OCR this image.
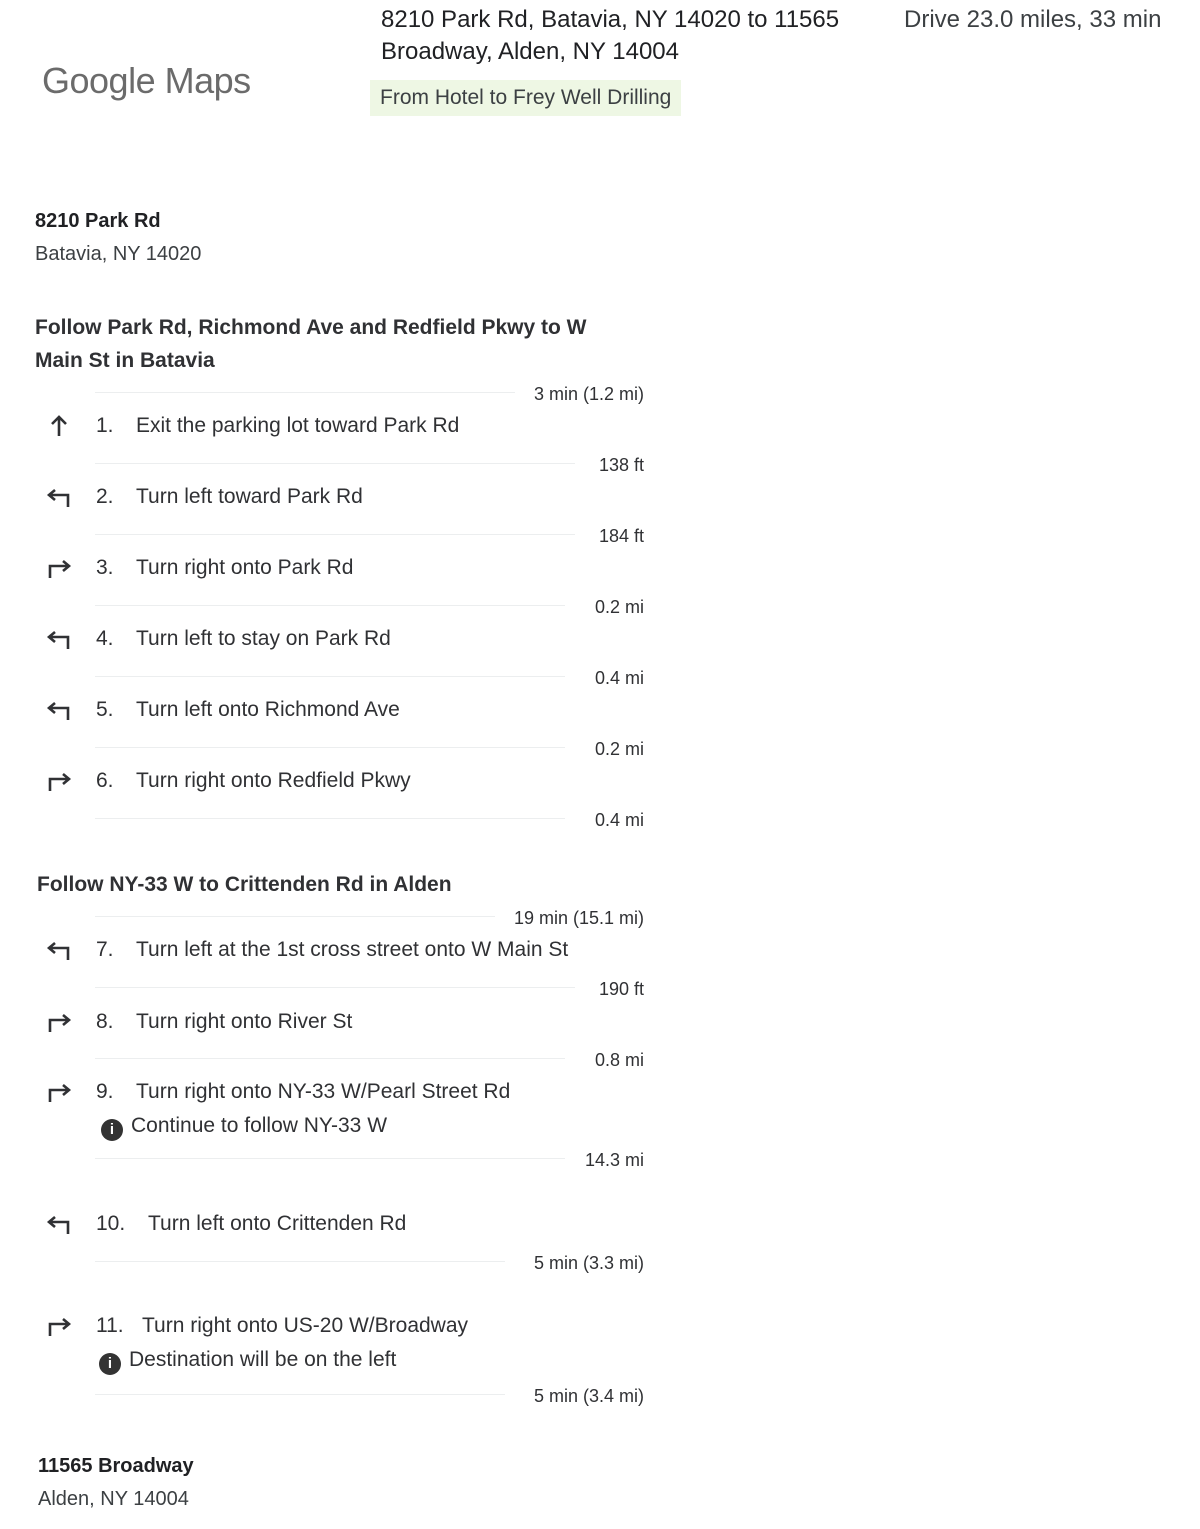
Google Maps
8210 Park Rd, Batavia, NY 14020 to 11565
Broadway, Alden, NY 14004
Drive 23.0 miles, 33 min
From Hotel to Frey Well Drilling
8210 Park Rd
Batavia, NY 14020
Follow Park Rd, Richmond Ave and Redfield Pkwy to W Main St in Batavia
3 min (1.2 mi)
1. Exit the parking lot toward Park Rd
138 ft
2. Turn left toward Park Rd
184 ft
3. Turn right onto Park Rd
0.2 mi
4. Turn left to stay on Park Rd
0.4 mi
5. Turn left onto Richmond Ave
0.2 mi
6. Turn right onto Redfield Pkwy
0.4 mi
Follow NY-33 W to Crittenden Rd in Alden
19 min (15.1 mi)
7. Turn left at the 1st cross street onto W Main St
190 ft
8. Turn right onto River St
0.8 mi
9. Turn right onto NY-33 W/Pearl Street Rd
i Continue to follow NY-33 W
14.3 mi
10. Turn left onto Crittenden Rd
5 min (3.3 mi)
11. Turn right onto US-20 W/Broadway
i Destination will be on the left
5 min (3.4 mi)
11565 Broadway
Alden, NY 14004
